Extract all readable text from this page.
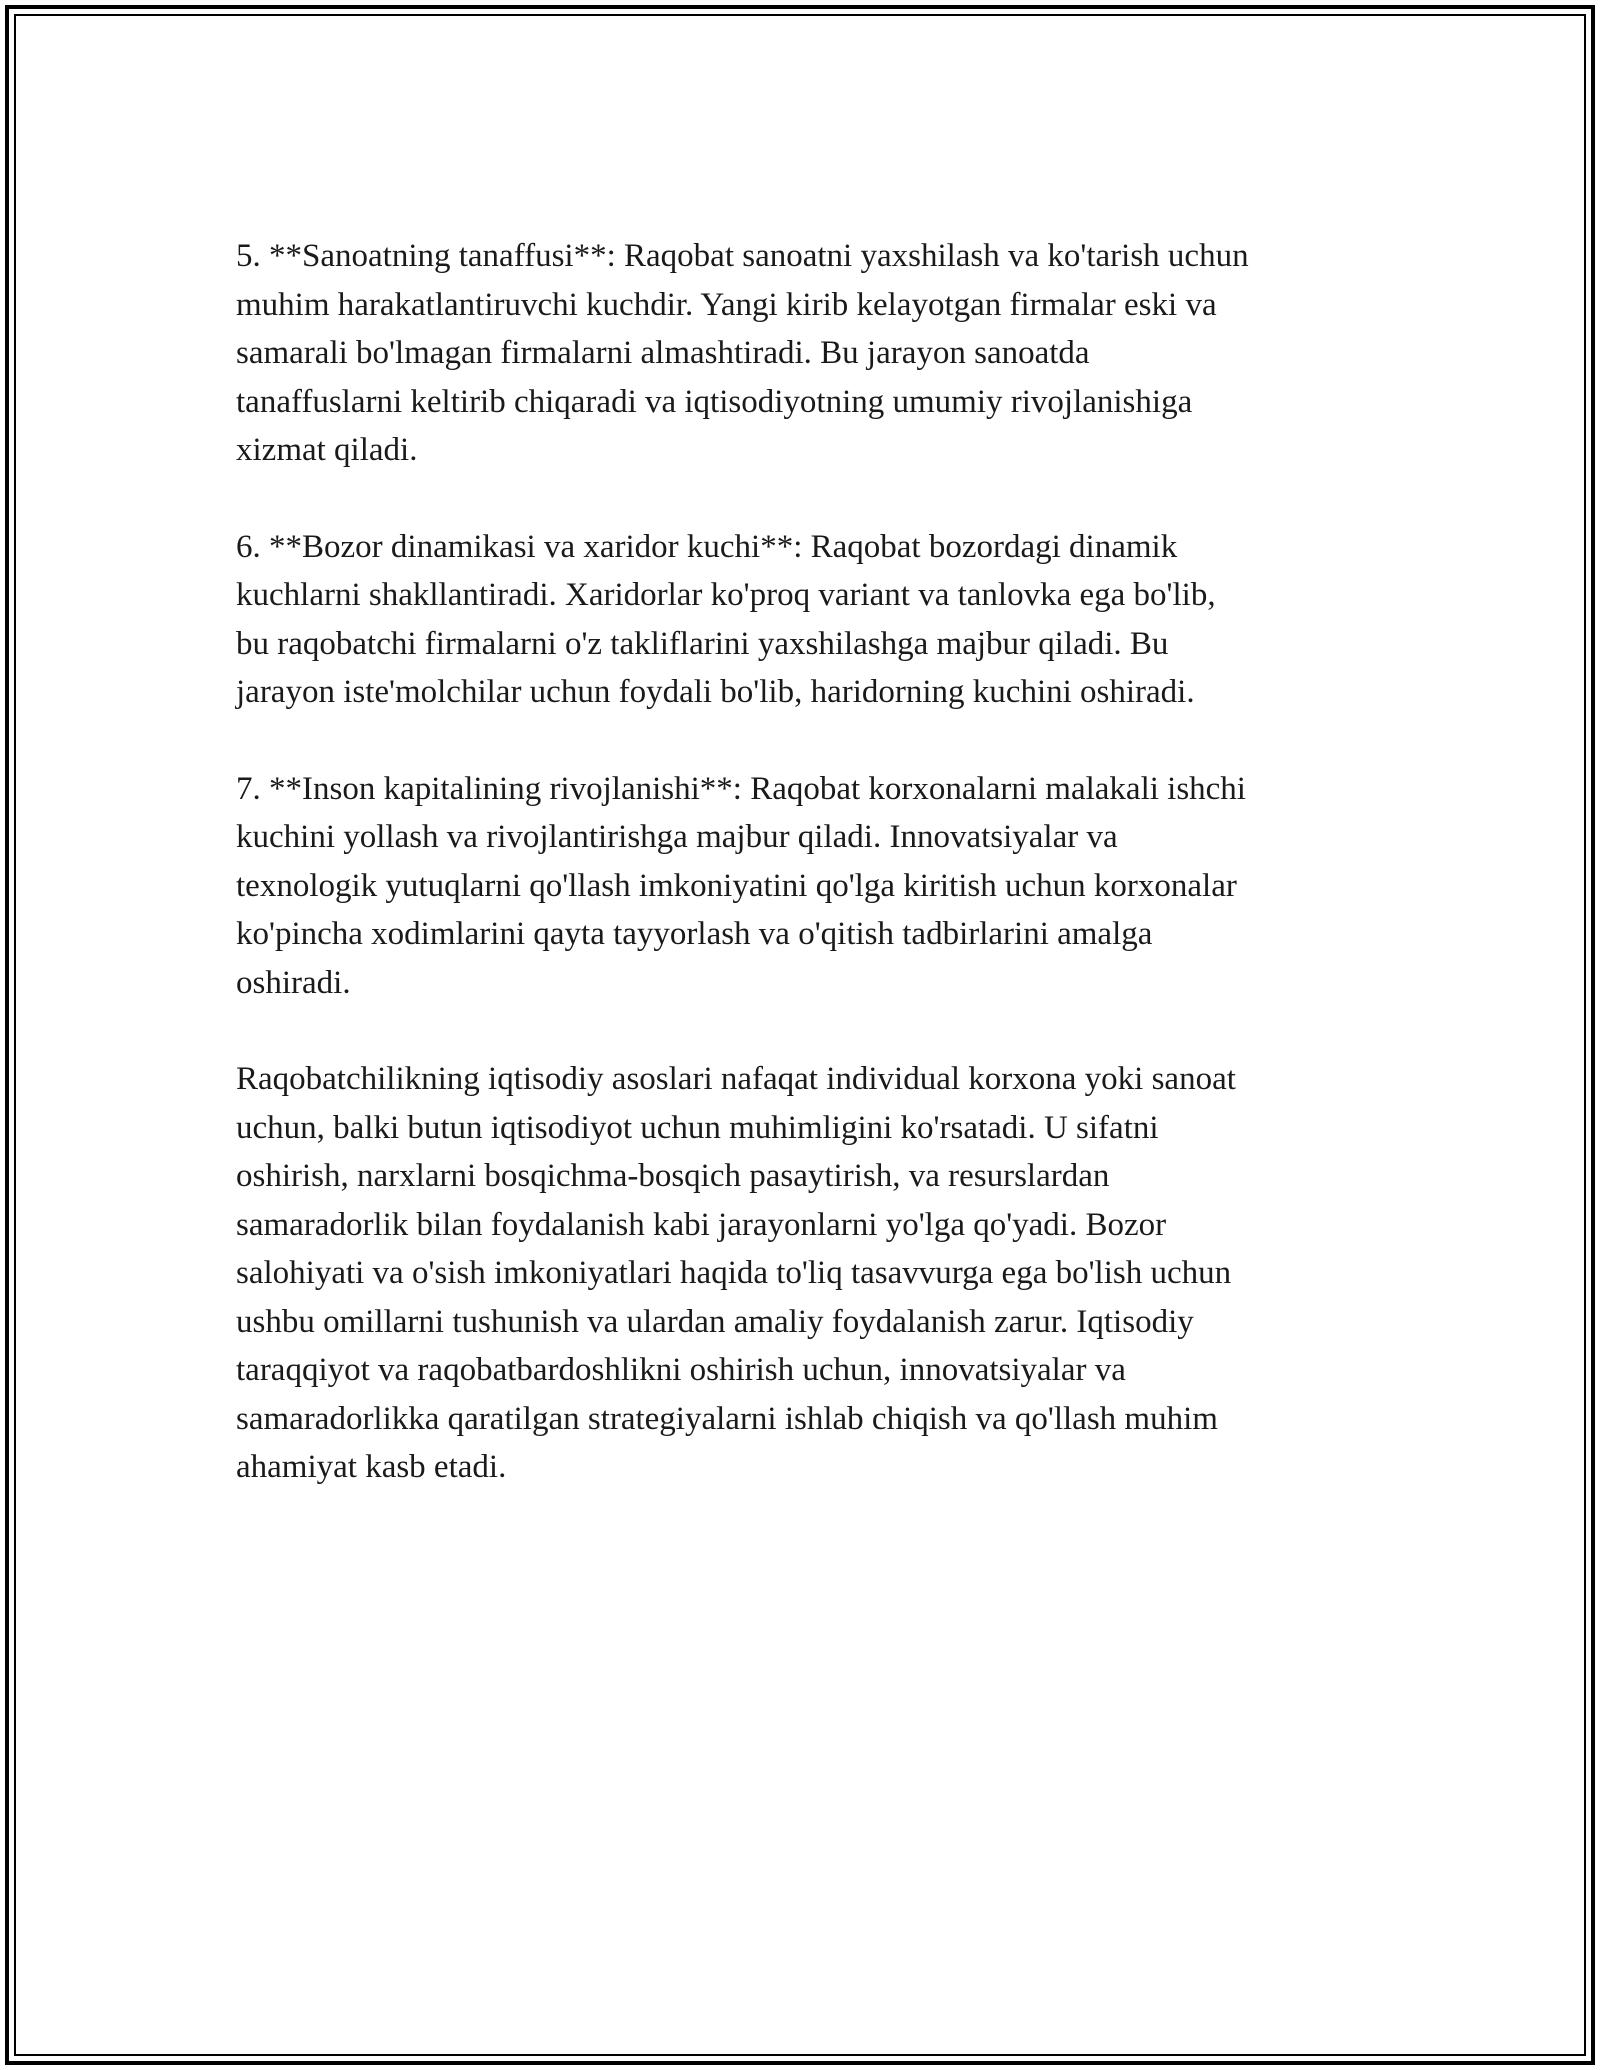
5. **Sanoatning tanaffusi**: Raqobat sanoatni yaxshilash va ko'tarish uchun
muhim harakatlantiruvchi kuchdir. Yangi kirib kelayotgan firmalar eski va
samarali bo'lmagan firmalarni almashtiradi. Bu jarayon sanoatda
tanaffuslarni keltirib chiqaradi va iqtisodiyotning umumiy rivojlanishiga
xizmat qiladi.
6. **Bozor dinamikasi va xaridor kuchi**: Raqobat bozordagi dinamik
kuchlarni shakllantiradi. Xaridorlar ko'proq variant va tanlovka ega bo'lib,
bu raqobatchi firmalarni o'z takliflarini yaxshilashga majbur qiladi. Bu
jarayon iste'molchilar uchun foydali bo'lib, haridorning kuchini oshiradi.
7. **Inson kapitalining rivojlanishi**: Raqobat korxonalarni malakali ishchi
kuchini yollash va rivojlantirishga majbur qiladi. Innovatsiyalar va
texnologik yutuqlarni qo'llash imkoniyatini qo'lga kiritish uchun korxonalar
ko'pincha xodimlarini qayta tayyorlash va o'qitish tadbirlarini amalga
oshiradi.
Raqobatchilikning iqtisodiy asoslari nafaqat individual korxona yoki sanoat
uchun, balki butun iqtisodiyot uchun muhimligini ko'rsatadi. U sifatni
oshirish, narxlarni bosqichma-bosqich pasaytirish, va resurslardan
samaradorlik bilan foydalanish kabi jarayonlarni yo'lga qo'yadi. Bozor
salohiyati va o'sish imkoniyatlari haqida to'liq tasavvurga ega bo'lish uchun
ushbu omillarni tushunish va ulardan amaliy foydalanish zarur. Iqtisodiy
taraqqiyot va raqobatbardoshlikni oshirish uchun, innovatsiyalar va
samaradorlikka qaratilgan strategiyalarni ishlab chiqish va qo'llash muhim
ahamiyat kasb etadi.
